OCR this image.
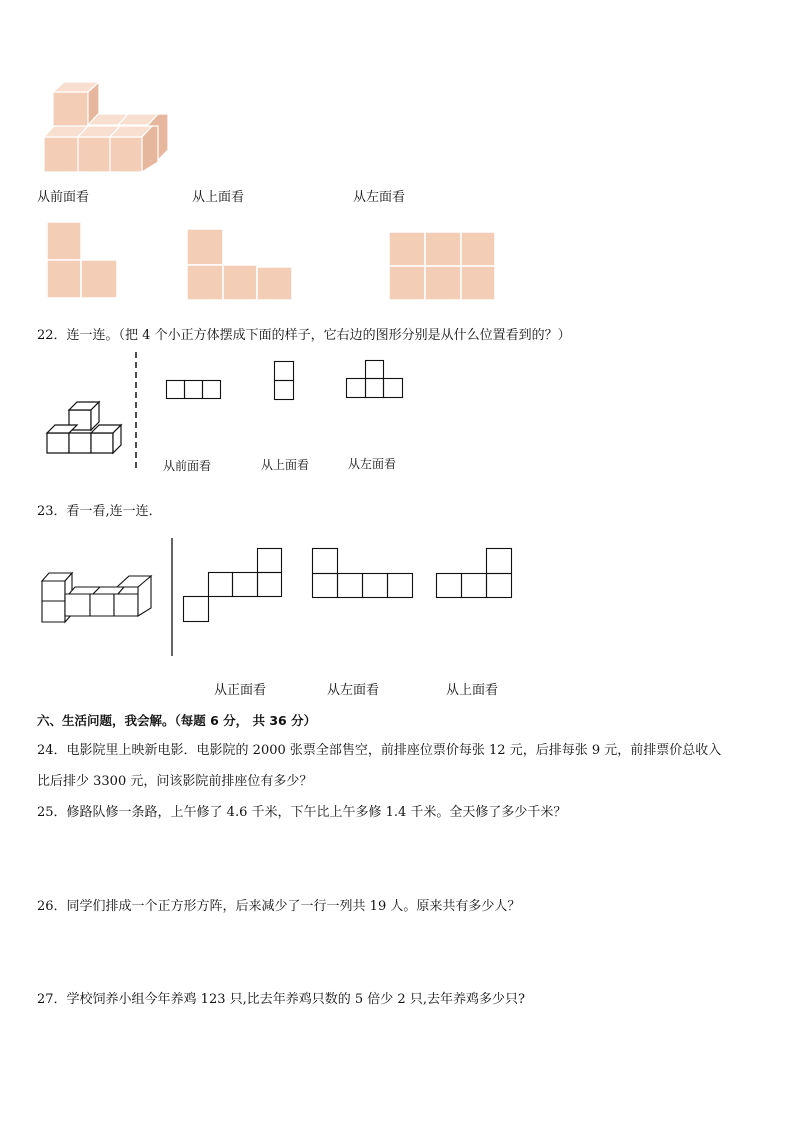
从前面看	从上面看	从左面看
22．连一连。（把 4 个小正方体摆成下面的样子，它右边的图形分别是从什么位置看到的？）
从前面看	从上面看	从左面看
23．看一看,连一连．
从正面看	从左面看	从上面看
六、生活问题，我会解。（每题 6 分， 共 36 分）
24．电影院里上映新电影．电影院的 2000 张票全部售空，前排座位票价每张 12 元，后排每张 9 元，前排票价总收入
比后排少 3300 元，问该影院前排座位有多少？
25．修路队修一条路，上午修了 4.6 千米，下午比上午多修 1.4 千米。全天修了多少千米？
26．同学们排成一个正方形方阵，后来减少了一行一列共 19 人。原来共有多少人？
27．学校饲养小组今年养鸡 123 只,比去年养鸡只数的 5 倍少 2 只,去年养鸡多少只?
